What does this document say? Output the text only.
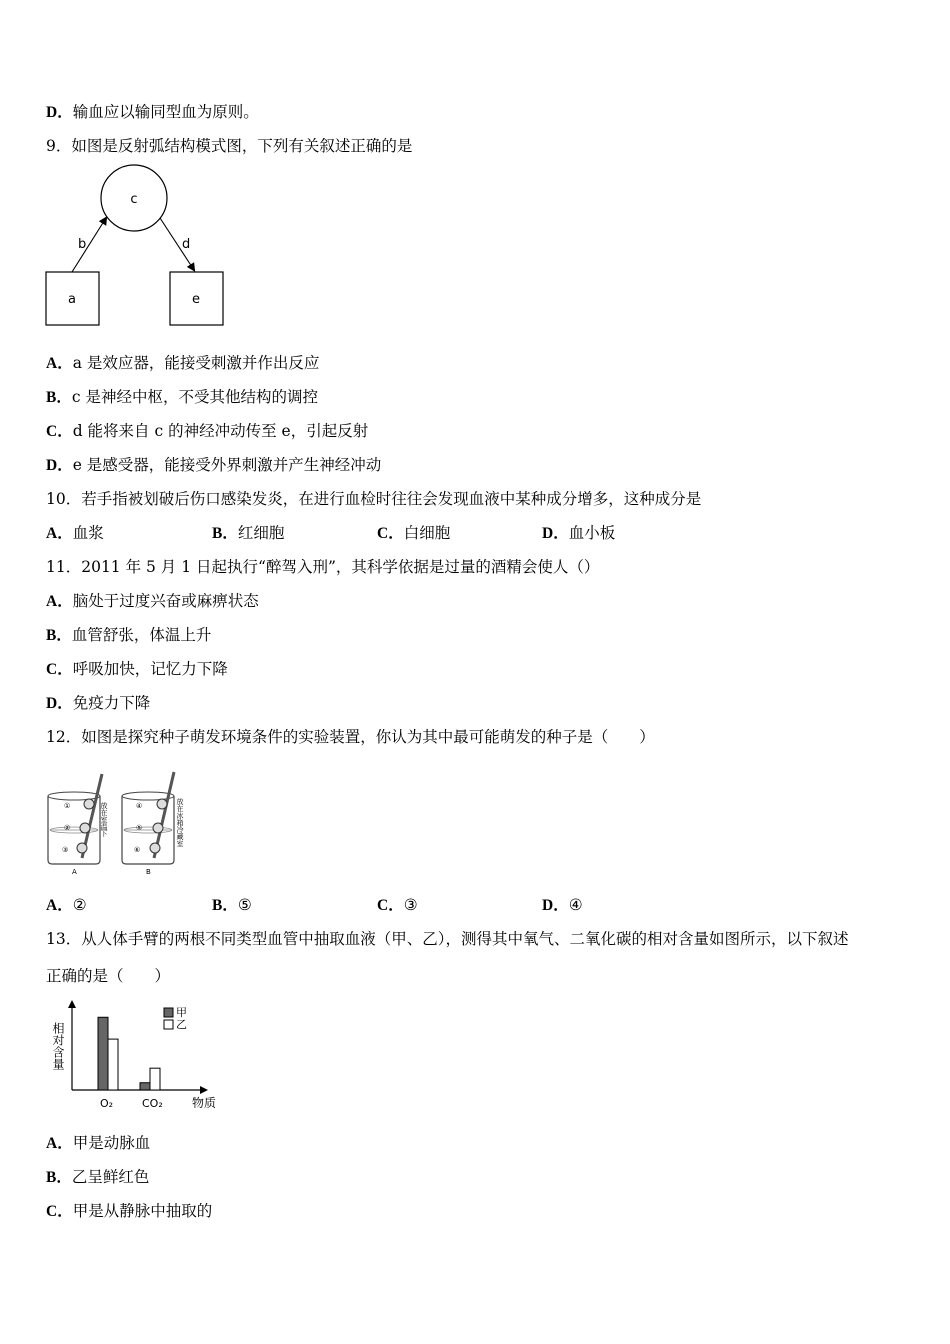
D．输血应以输同型血为原则。
9．如图是反射弧结构模式图，下列有关叙述正确的是
c
a	e
b	d
A．a 是效应器，能接受刺激并作出反应
B．c 是神经中枢，不受其他结构的调控
C．d 能将来自 c 的神经冲动传至 e，引起反射
D．e 是感受器，能接受外界刺激并产生神经冲动
10．若手指被划破后伤口感染发炎，在进行血检时往往会发现血液中某种成分增多，这种成分是
A．血浆	B．红细胞	C．白细胞	D．血小板
11．2011 年 5 月 1 日起执行“醉驾入刑”，其科学依据是过量的酒精会使人（）
A．脑处于过度兴奋或麻痹状态
B．血管舒张，体温上升
C．呼吸加快，记忆力下降
D．免疫力下降
12．如图是探究种子萌发环境条件的实验装置，你认为其中最可能萌发的种子是（　　）
①
②
③
A
放在室温下	④
⑤
⑥
B
放在冰箱冷藏室
A．②	B．⑤	C．③	D．④
13．从人体手臂的两根不同类型血管中抽取血液（甲、乙），测得其中氧气、二氧化碳的相对含量如图所示，以下叙述
正确的是（　　）
相对含量
物质
O₂	CO₂
甲
乙
A．甲是动脉血
B．乙呈鲜红色
C．甲是从静脉中抽取的
